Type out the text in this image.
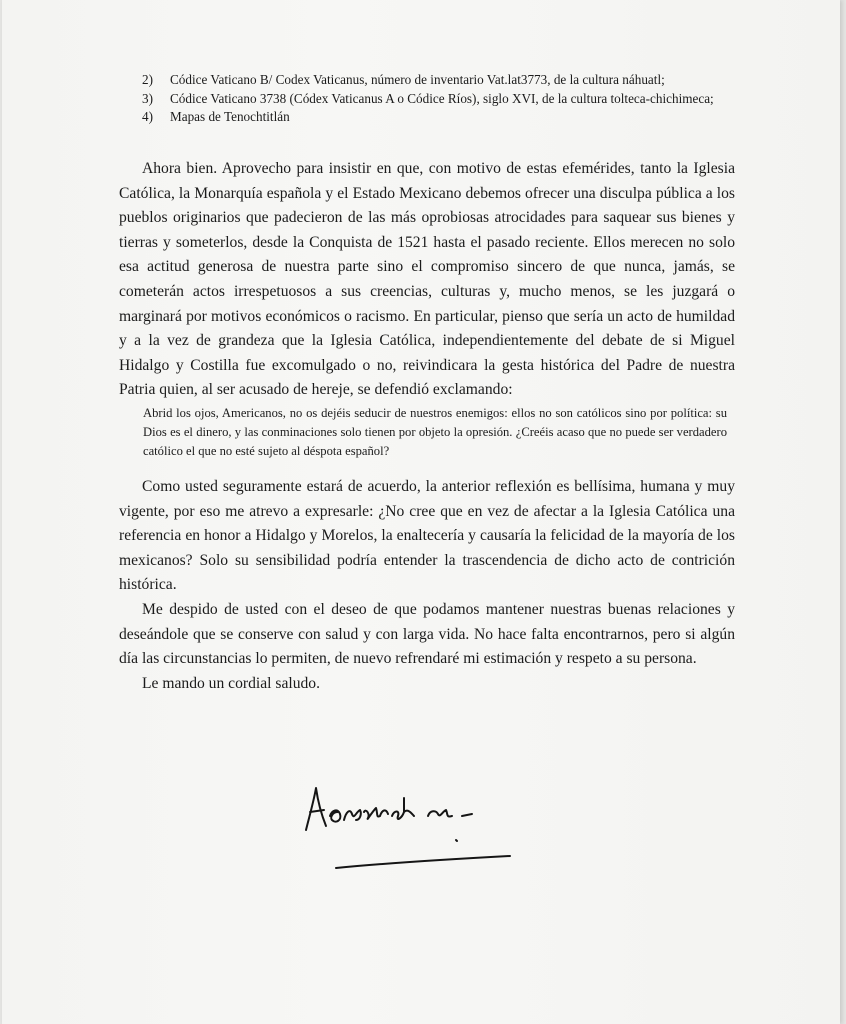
2) Códice Vaticano B/ Codex Vaticanus, número de inventario Vat.lat3773, de la cultura náhuatl;
3) Códice Vaticano 3738 (Códex Vaticanus A o Códice Ríos), siglo XVI, de la cultura tolteca-chichimeca;
4) Mapas de Tenochtitlán

Ahora bien. Aprovecho para insistir en que, con motivo de estas efemérides, tanto la Iglesia Católica, la Monarquía española y el Estado Mexicano debemos ofrecer una disculpa pública a los pueblos originarios que padecieron de las más oprobiosas atrocidades para saquear sus bienes y tierras y someterlos, desde la Conquista de 1521 hasta el pasado reciente. Ellos merecen no solo esa actitud generosa de nuestra parte sino el compromiso sincero de que nunca, jamás, se cometerán actos irrespetuosos a sus creencias, culturas y, mucho menos, se les juzgará o marginará por motivos económicos o racismo. En particular, pienso que sería un acto de humildad y a la vez de grandeza que la Iglesia Católica, independientemente del debate de si Miguel Hidalgo y Costilla fue excomulgado o no, reivindicara la gesta histórica del Padre de nuestra Patria quien, al ser acusado de hereje, se defendió exclamando:

Abrid los ojos, Americanos, no os dejéis seducir de nuestros enemigos: ellos no son católicos sino por política: su Dios es el dinero, y las conminaciones solo tienen por objeto la opresión. ¿Creéis acaso que no puede ser verdadero católico el que no esté sujeto al déspota español?

Como usted seguramente estará de acuerdo, la anterior reflexión es bellísima, humana y muy vigente, por eso me atrevo a expresarle: ¿No cree que en vez de afectar a la Iglesia Católica una referencia en honor a Hidalgo y Morelos, la enaltecería y causaría la felicidad de la mayoría de los mexicanos? Solo su sensibilidad podría entender la trascendencia de dicho acto de contrición histórica.

Me despido de usted con el deseo de que podamos mantener nuestras buenas relaciones y deseándole que se conserve con salud y con larga vida. No hace falta encontrarnos, pero si algún día las circunstancias lo permiten, de nuevo refrendaré mi estimación y respeto a su persona.

Le mando un cordial saludo.
